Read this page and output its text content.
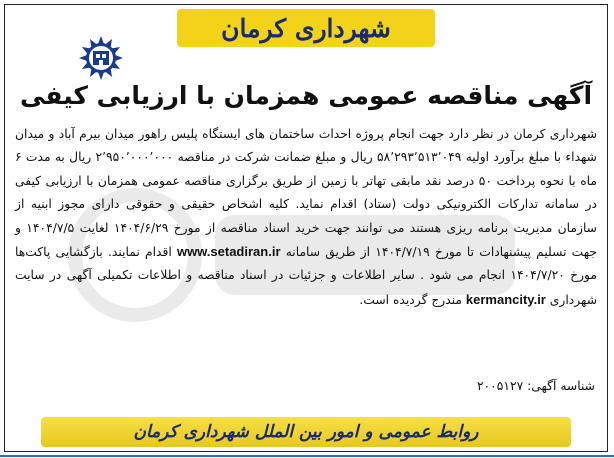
شهرداری کرمان
آگهی مناقصه عمومی همزمان با ارزیابی کیفی

شهرداری کرمان در نظر دارد جهت انجام پروژه احداث ساختمان های ایستگاه پلیس راهور میدان بیرم آباد و میدان شهداء با مبلغ برآورد اولیه ۵۸٬۲۹۳٬۵۱۳٬۰۴۹ ریال و مبلغ ضمانت شرکت در مناقصه ۲٬۹۵۰٬۰۰۰٬۰۰۰ ریال به مدت ۶ ماه با نحوه پرداخت ۵۰ درصد نقد مابقی تهاتر با زمین از طریق برگزاری مناقصه عمومی همزمان با ارزیابی کیفی در سامانه تدارکات الکترونیکی دولت (ستاد) اقدام نماید. کلیه اشخاص حقیقی و حقوقی دارای مجوز ابنیه از سازمان مدیریت برنامه ریزی هستند می توانند جهت خرید اسناد مناقصه از مورخ ۱۴۰۴/۶/۲۹ لغایت ۱۴۰۴/۷/۵ و جهت تسلیم پیشنهادات تا مورخ ۱۴۰۴/۷/۱۹ از طریق سامانه www.setadiran.ir اقدام نمایند. بازگشایی پاکت‌ها مورخ ۱۴۰۴/۷/۲۰ انجام می شود . سایر اطلاعات و جزئیات در اسناد مناقصه و اطلاعات تکمیلی آگهی در سایت شهرداری kermancity.ir مندرج گردیده است.

شناسه آگهی: ۲۰۰۵۱۲۷
روابط عمومی و امور بین الملل شهرداری کرمان
